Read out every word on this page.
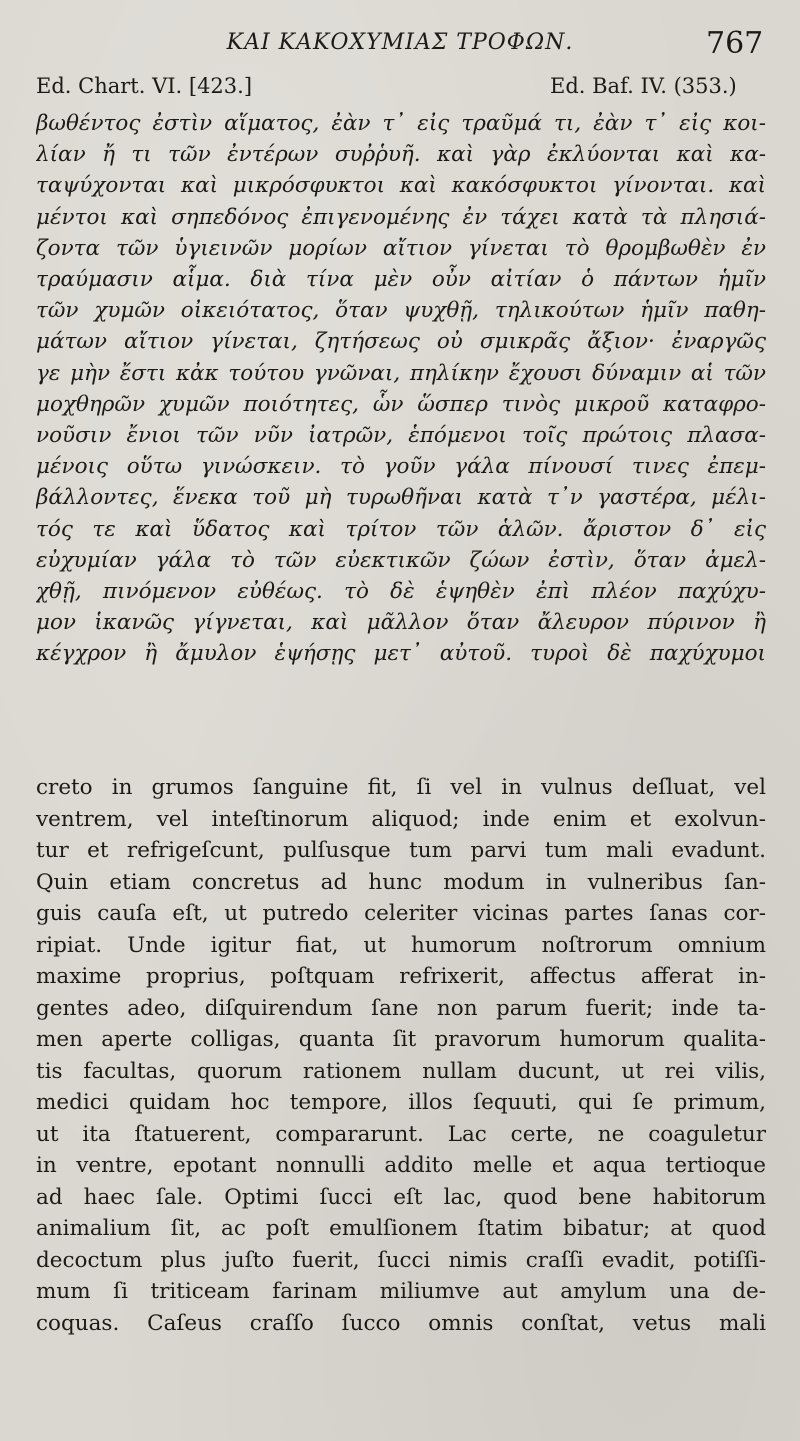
ΚΑΙ ΚΑΚΟΧΥΜΙΑΣ ΤΡΟΦΩΝ.	767
Ed. Chart. VI. [423.]	Ed. Baf. IV. (353.)
βωθέντος ἐστὶν αἵματος, ἐὰν τ᾽ εἰς τραῦμά τι, ἐὰν τ᾽ εἰς κοι-
λίαν ἤ τι τῶν ἐντέρων συῤῥυῆ. καὶ γὰρ ἐκλύονται καὶ κα-
ταψύχονται καὶ μικρόσφυκτοι καὶ κακόσφυκτοι γίνονται. καὶ
μέντοι καὶ σηπεδόνος ἐπιγενομένης ἐν τάχει κατὰ τὰ πλησιά-
ζοντα τῶν ὑγιεινῶν μορίων αἴτιον γίνεται τὸ θρομβωθὲν ἐν
τραύμασιν αἷμα. διὰ τίνα μὲν οὖν αἰτίαν ὁ πάντων ἡμῖν
τῶν χυμῶν οἰκειότατος, ὅταν ψυχθῇ, τηλικούτων ἡμῖν παθη-
μάτων αἴτιον γίνεται, ζητήσεως οὐ σμικρᾶς ἄξιον· ἐναργῶς
γε μὴν ἔστι κἀκ τούτου γνῶναι, πηλίκην ἔχουσι δύναμιν αἱ τῶν
μοχθηρῶν χυμῶν ποιότητες, ὧν ὥσπερ τινὸς μικροῦ καταφρο-
νοῦσιν ἔνιοι τῶν νῦν ἰατρῶν, ἑπόμενοι τοῖς πρώτοις πλασα-
μένοις οὕτω γινώσκειν. τὸ γοῦν γάλα πίνουσί τινες ἐπεμ-
βάλλοντες, ἕνεκα τοῦ μὴ τυρωθῆναι κατὰ τ᾽ν γαστέρα, μέλι-
τός τε καὶ ὕδατος καὶ τρίτον τῶν ἁλῶν. ἄριστον δ᾽ εἰς
εὐχυμίαν γάλα τὸ τῶν εὐεκτικῶν ζώων ἐστὶν, ὅταν ἀμελ-
χθῇ, πινόμενον εὐθέως. τὸ δὲ ἑψηθὲν ἐπὶ πλέον παχύχυ-
μον ἱκανῶς γίγνεται, καὶ μᾶλλον ὅταν ἄλευρον πύρινον ἢ
κέγχρον ἢ ἄμυλον ἑψήσῃς μετ᾽ αὐτοῦ. τυροὶ δὲ παχύχυμοι
creto in grumos ſanguine fit, ſi vel in vulnus deſluat, vel
ventrem, vel inteſtinorum aliquod; inde enim et exolvun-
tur et refrigeſcunt, pulſusque tum parvi tum mali evadunt.
Quin etiam concretus ad hunc modum in vulneribus ſan-
guis cauſa eſt, ut putredo celeriter vicinas partes ſanas cor-
ripiat. Unde igitur fiat, ut humorum noſtrorum omnium
maxime proprius, poſtquam refrixerit, affectus afferat in-
gentes adeo, diſquirendum ſane non parum fuerit; inde ta-
men aperte colligas, quanta ſit pravorum humorum qualita-
tis facultas, quorum rationem nullam ducunt, ut rei vilis,
medici quidam hoc tempore, illos ſequuti, qui ſe primum,
ut ita ſtatuerent, compararunt. Lac certe, ne coaguletur
in ventre, epotant nonnulli addito melle et aqua tertioque
ad haec ſale. Optimi ſucci eſt lac, quod bene habitorum
animalium ſit, ac poſt emulſionem ſtatim bibatur; at quod
decoctum plus juſto fuerit, ſucci nimis craſſi evadit, potiſſi-
mum ſi triticeam farinam miliumve aut amylum una de-
coquas. Caſeus craſſo ſucco omnis conſtat, vetus mali
